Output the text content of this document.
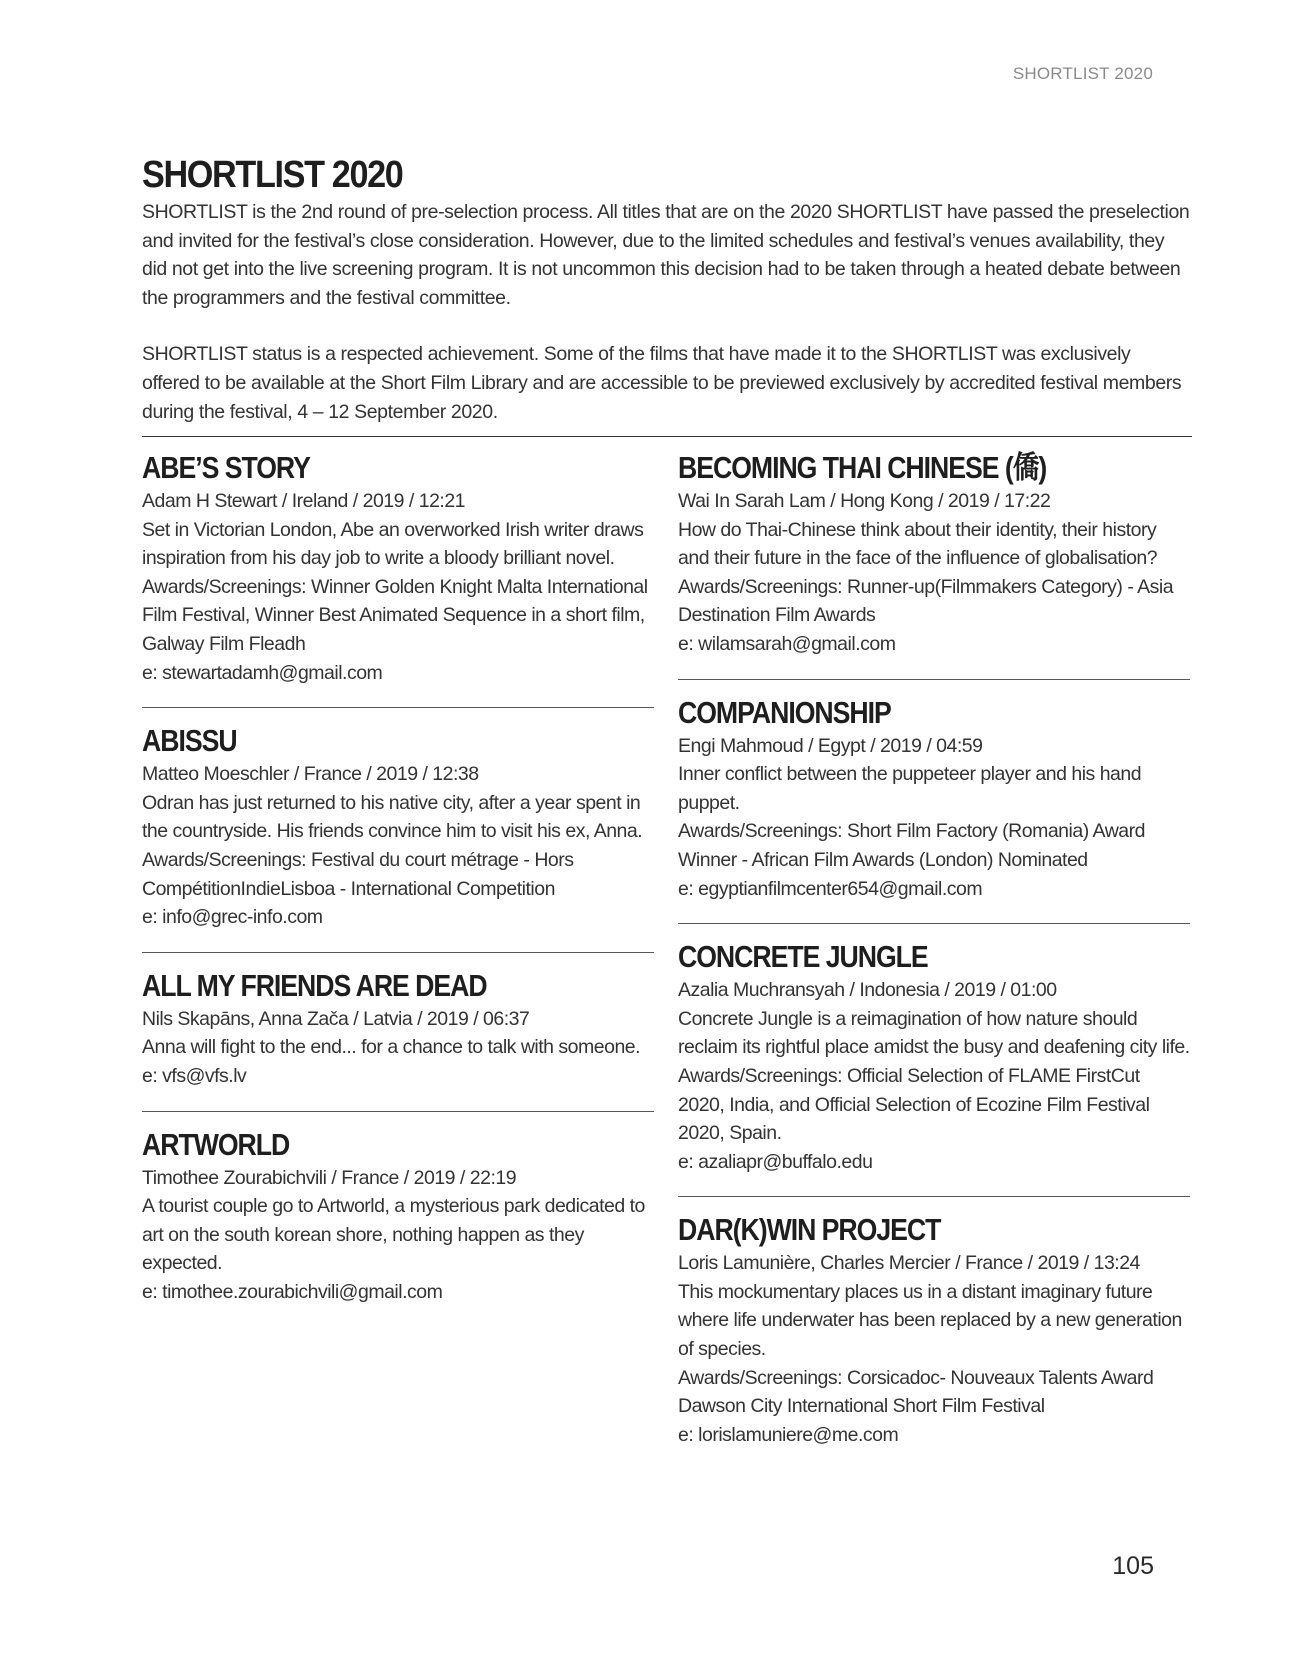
SHORTLIST 2020
SHORTLIST 2020

SHORTLIST is the 2nd round of pre-selection process. All titles that are on the 2020 SHORTLIST have passed the preselection and invited for the festival’s close consideration. However, due to the limited schedules and festival’s venues availability, they did not get into the live screening program. It is not uncommon this decision had to be taken through a heated debate between the programmers and the festival committee.

SHORTLIST status is a respected achievement. Some of the films that have made it to the SHORTLIST was exclusively offered to be available at the Short Film Library and are accessible to be previewed exclusively by accredited festival members during the festival, 4 – 12 September 2020.

ABE’S STORY

Adam H Stewart / Ireland / 2019 / 12:21

Set in Victorian London, Abe an overworked Irish writer draws inspiration from his day job to write a bloody brilliant novel.

Awards/Screenings: Winner Golden Knight Malta International Film Festival, Winner Best Animated Sequence in a short film, Galway Film Fleadh

e: stewartadamh@gmail.com

ABISSU

Matteo Moeschler / France / 2019 / 12:38

Odran has just returned to his native city, after a year spent in the countryside. His friends convince him to visit his ex, Anna.

Awards/Screenings: Festival du court métrage - Hors CompétitionIndieLisboa - International Competition

e: info@grec-info.com

ALL MY FRIENDS ARE DEAD

Nils Skapāns, Anna Zača / Latvia / 2019 / 06:37

Anna will fight to the end... for a chance to talk with someone.

e: vfs@vfs.lv

ARTWORLD

Timothee Zourabichvili / France / 2019 / 22:19

A tourist couple go to Artworld, a mysterious park dedicated to art on the south korean shore, nothing happen as they expected.

e: timothee.zourabichvili@gmail.com

BECOMING THAI CHINESE (僑)

Wai In Sarah Lam / Hong Kong / 2019 / 17:22

How do Thai-Chinese think about their identity, their history and their future in the face of the influence of globalisation?

Awards/Screenings: Runner-up(Filmmakers Category) - Asia Destination Film Awards

e: wilamsarah@gmail.com

COMPANIONSHIP

Engi Mahmoud / Egypt / 2019 / 04:59

Inner conflict between the puppeteer player and his hand puppet.

Awards/Screenings: Short Film Factory (Romania) Award Winner - African Film Awards (London) Nominated

e: egyptianfilmcenter654@gmail.com

CONCRETE JUNGLE

Azalia Muchransyah / Indonesia / 2019 / 01:00

Concrete Jungle is a reimagination of how nature should reclaim its rightful place amidst the busy and deafening city life.

Awards/Screenings: Official Selection of FLAME FirstCut 2020, India, and Official Selection of Ecozine Film Festival 2020, Spain.

e: azaliapr@buffalo.edu

DAR(K)WIN PROJECT

Loris Lamunière, Charles Mercier / France / 2019 / 13:24

This mockumentary places us in a distant imaginary future where life underwater has been replaced by a new generation of species.

Awards/Screenings: Corsicadoc- Nouveaux Talents Award Dawson City International Short Film Festival

e: lorislamuniere@me.com

105
